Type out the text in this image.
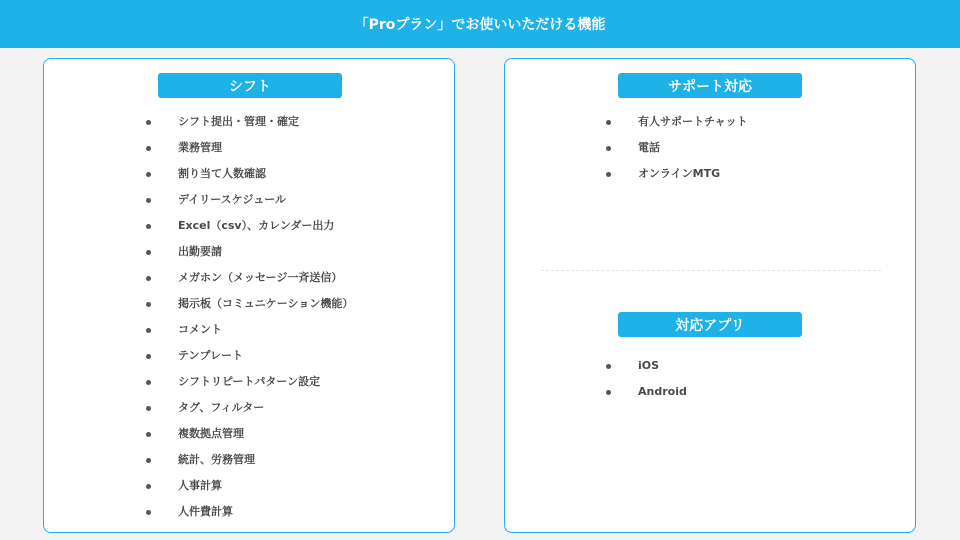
「Proプラン」でお使いいただける機能
シフト
シフト提出・管理・確定
業務管理
割り当て人数確認
デイリースケジュール
Excel（csv）、カレンダー出力
出勤要請
メガホン（メッセージ一斉送信）
掲示板（コミュニケーション機能）
コメント
テンプレート
シフトリピートパターン設定
タグ、フィルター
複数拠点管理
統計、労務管理
人事計算
人件費計算
サポート対応
有人サポートチャット
電話
オンラインMTG
対応アプリ
iOS
Android
